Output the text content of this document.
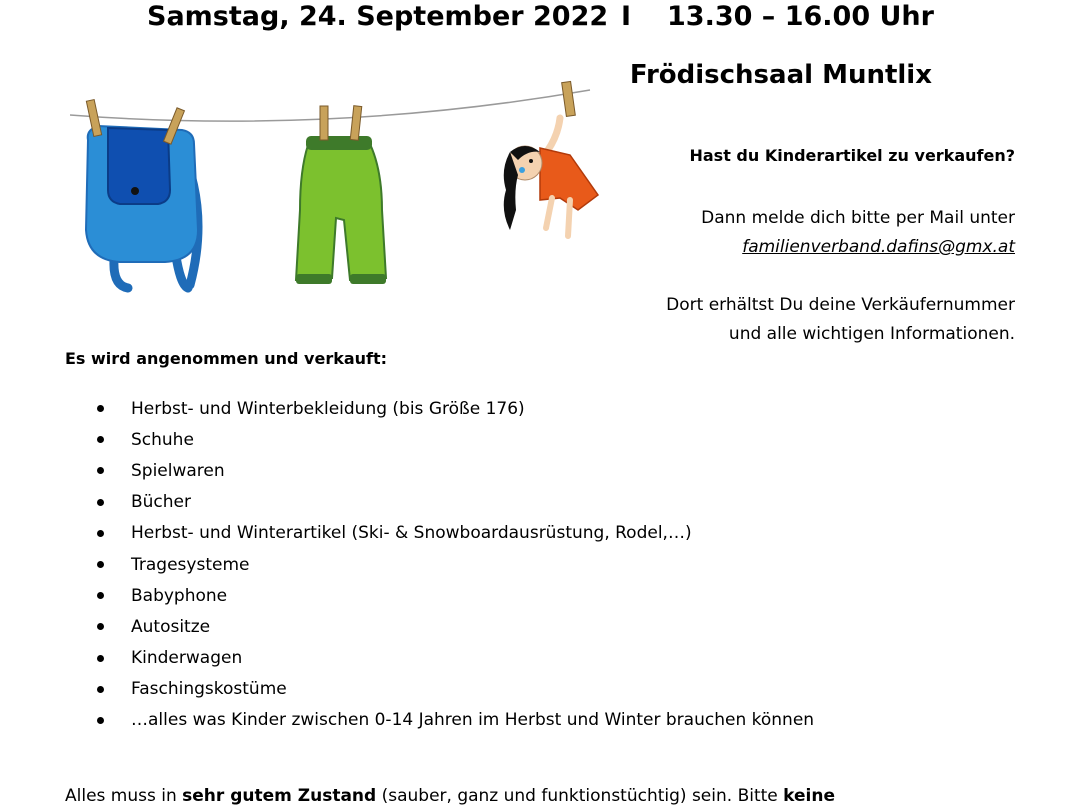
Samstag, 24. September 2022 I 13.30 – 16.00 Uhr
Frödischsaal Muntlix
Hast du Kinderartikel zu verkaufen?
Dann melde dich bitte per Mail unter
familienverband.dafins@gmx.at
Dort erhältst Du deine Verkäufernummer
und alle wichtigen Informationen.
Es wird angenommen und verkauft:
Herbst- und Winterbekleidung (bis Größe 176)
Schuhe
Spielwaren
Bücher
Herbst- und Winterartikel (Ski- & Snowboardausrüstung, Rodel,…)
Tragesysteme
Babyphone
Autositze
Kinderwagen
Faschingskostüme
…alles was Kinder zwischen 0-14 Jahren im Herbst und Winter brauchen können
Alles muss in sehr gutem Zustand (sauber, ganz und funktionstüchtig) sein. Bitte keine
